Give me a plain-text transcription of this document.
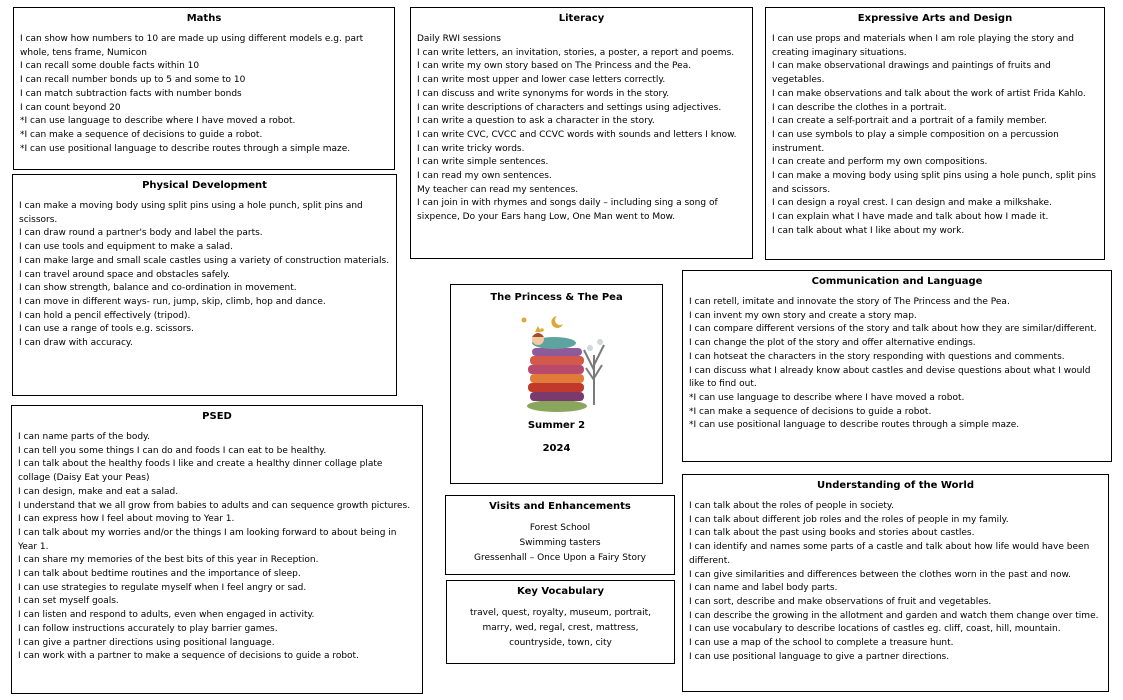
Maths
I can show how numbers to 10 are made up using different models e.g. part whole, tens frame, Numicon
I can recall some double facts within 10
I can recall number bonds up to 5 and some to 10
I can match subtraction facts with number bonds
I can count beyond 20
*I can use language to describe where I have moved a robot.
*I can make a sequence of decisions to guide a robot.
*I can use positional language to describe routes through a simple maze.
Physical Development
I can make a moving body using split pins using a hole punch, split pins and scissors.
I can draw round a partner's body and label the parts.
I can use tools and equipment to make a salad.
I can make large and small scale castles using a variety of construction materials.
I can travel around space and obstacles safely.
I can show strength, balance and co-ordination in movement.
I can move in different ways- run, jump, skip, climb, hop and dance.
I can hold a pencil effectively (tripod).
I can use a range of tools e.g. scissors.
I can draw with accuracy.
PSED
I can name parts of the body.
I can tell you some things I can do and foods I can eat to be healthy.
I can talk about the healthy foods I like and create a healthy dinner collage plate collage (Daisy Eat your Peas)
I can design, make and eat a salad.
I understand that we all grow from babies to adults and can sequence growth pictures.
I can express how I feel about moving to Year 1.
I can talk about my worries and/or the things I am looking forward to about being in Year 1.
I can share my memories of the best bits of this year in Reception.
I can talk about bedtime routines and the importance of sleep.
I can use strategies to regulate myself when I feel angry or sad.
I can set myself goals.
I can listen and respond to adults, even when engaged in activity.
I can follow instructions accurately to play barrier games.
I can give a partner directions using positional language.
I can work with a partner to make a sequence of decisions to guide a robot.
Literacy
Daily RWI sessions
I can write letters, an invitation, stories, a poster, a report and poems.
I can write my own story based on The Princess and the Pea.
I can write most upper and lower case letters correctly.
I can discuss and write synonyms for words in the story.
I can write descriptions of characters and settings using adjectives.
I can write a question to ask a character in the story.
I can write CVC, CVCC and CCVC words with sounds and letters I know.
I can write tricky words.
I can write simple sentences.
I can read my own sentences.
My teacher can read my sentences.
I can join in with rhymes and songs daily – including sing a song of sixpence, Do your Ears hang Low, One Man went to Mow.
Expressive Arts and Design
I can use props and materials when I am role playing the story and creating imaginary situations.
I can make observational drawings and paintings of fruits and vegetables.
I can make observations and talk about the work of artist Frida Kahlo.
I can describe the clothes in a portrait.
I can create a self-portrait and a portrait of a family member.
I can use symbols to play a simple composition on a percussion instrument.
I can create and perform my own compositions.
I can make a moving body using split pins using a hole punch, split pins and scissors.
I can design a royal crest. I can design and make a milkshake.
I can explain what I have made and talk about how I made it.
I can talk about what I like about my work.
The Princess & The Pea
Summer 2
2024
Communication and Language
I can retell, imitate and innovate the story of The Princess and the Pea.
I can invent my own story and create a story map.
I can compare different versions of the story and talk about how they are similar/different.
I can change the plot of the story and offer alternative endings.
I can hotseat the characters in the story responding with questions and comments.
I can discuss what I already know about castles and devise questions about what I would like to find out.
*I can use language to describe where I have moved a robot.
*I can make a sequence of decisions to guide a robot.
*I can use positional language to describe routes through a simple maze.
Visits and Enhancements
Forest School
Swimming tasters
Gressenhall – Once Upon a Fairy Story
Key Vocabulary
travel, quest, royalty, museum, portrait,
marry, wed, regal, crest, mattress,
countryside, town, city
Understanding of the World
I can talk about the roles of people in society.
I can talk about different job roles and the roles of people in my family.
I can talk about the past using books and stories about castles.
I can identify and names some parts of a castle and talk about how life would have been different.
I can give similarities and differences between the clothes worn in the past and now.
I can name and label body parts.
I can sort, describe and make observations of fruit and vegetables.
I can describe the growing in the allotment and garden and watch them change over time.
I can use vocabulary to describe locations of castles eg. cliff, coast, hill, mountain.
I can use a map of the school to complete a treasure hunt.
I can use positional language to give a partner directions.
